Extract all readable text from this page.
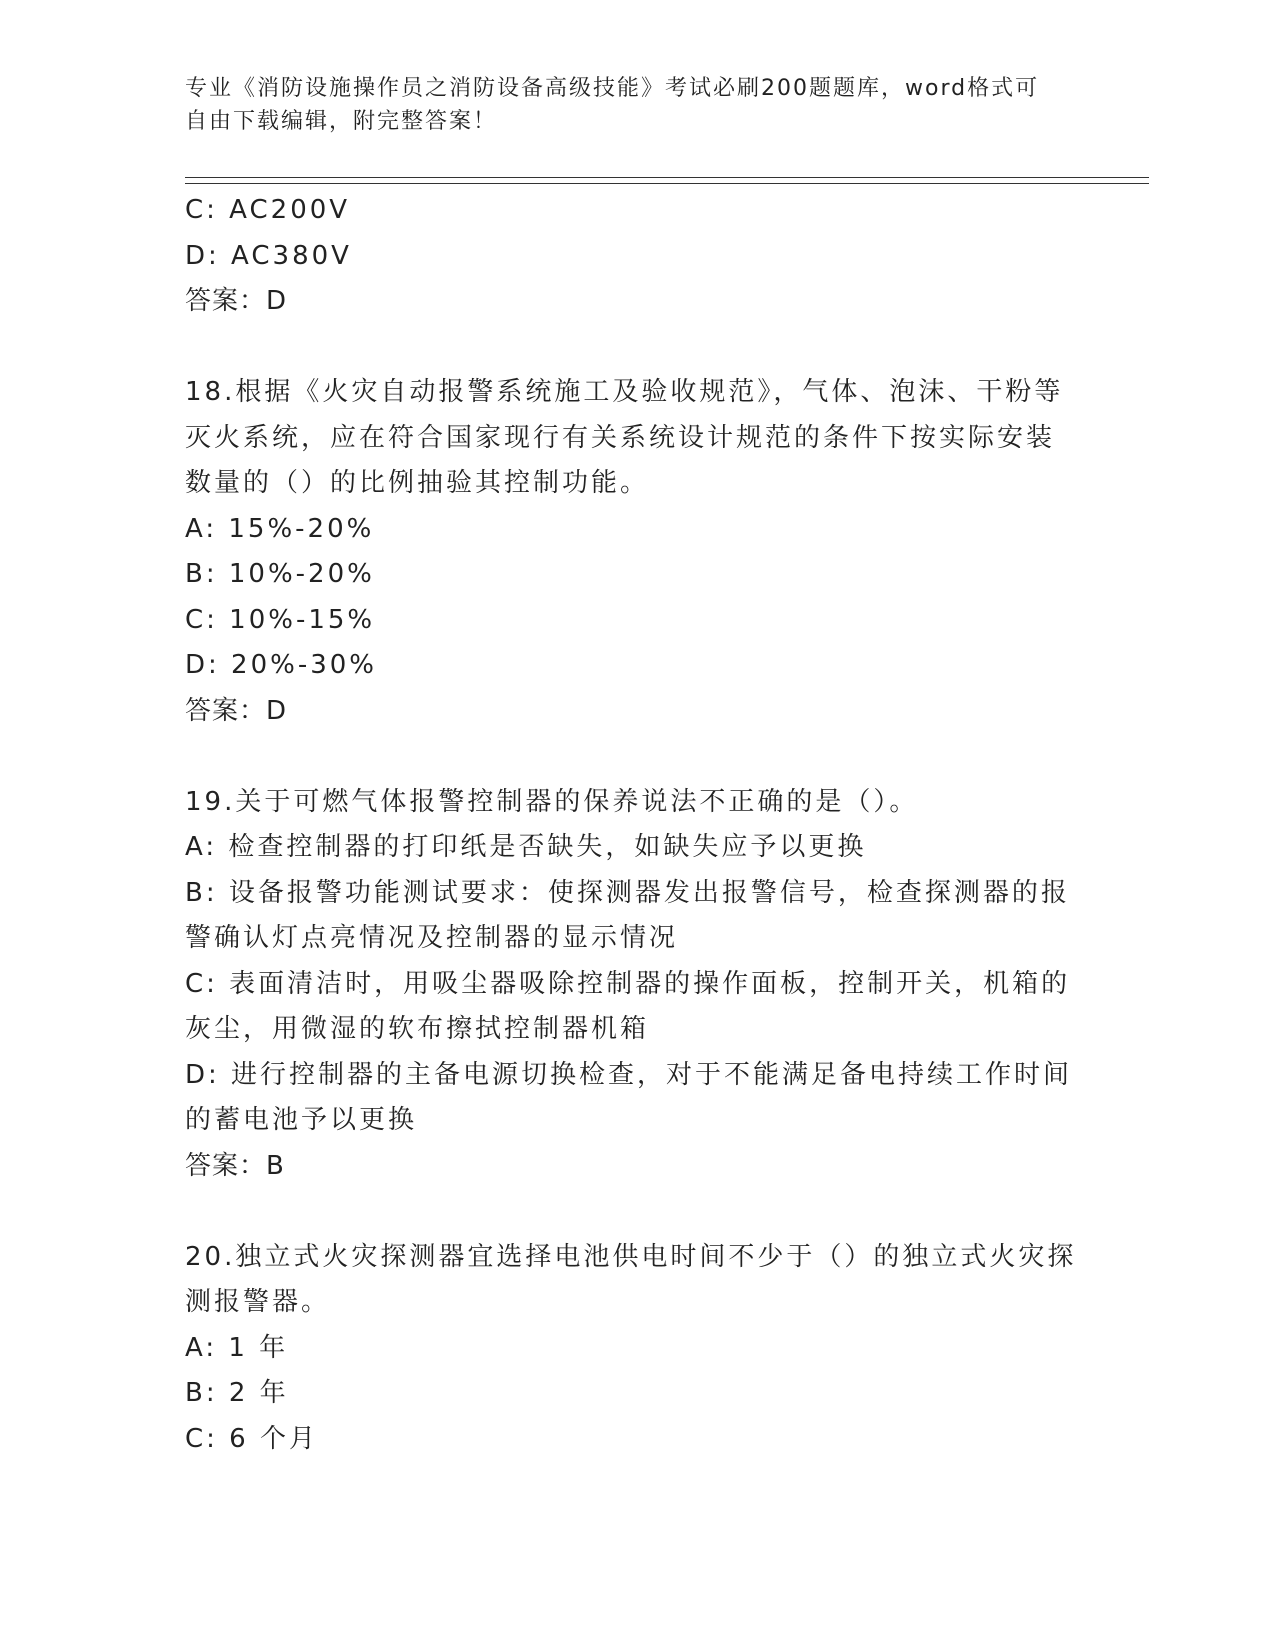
专业《消防设施操作员之消防设备高级技能》考试必刷200题题库，word格式可
自由下载编辑，附完整答案！
C: AC200V
D: AC380V
答案：D
18.根据《火灾自动报警系统施工及验收规范》，气体、泡沫、干粉等
灭火系统，应在符合国家现行有关系统设计规范的条件下按实际安装
数量的（）的比例抽验其控制功能。
A: 15%-20%
B: 10%-20%
C: 10%-15%
D: 20%-30%
答案：D
19.关于可燃气体报警控制器的保养说法不正确的是（）。
A: 检查控制器的打印纸是否缺失，如缺失应予以更换
B: 设备报警功能测试要求：使探测器发出报警信号，检查探测器的报
警确认灯点亮情况及控制器的显示情况
C: 表面清洁时，用吸尘器吸除控制器的操作面板，控制开关，机箱的
灰尘，用微湿的软布擦拭控制器机箱
D: 进行控制器的主备电源切换检查，对于不能满足备电持续工作时间
的蓄电池予以更换
答案：B
20.独立式火灾探测器宜选择电池供电时间不少于（）的独立式火灾探
测报警器。
A: 1 年
B: 2 年
C: 6 个月
